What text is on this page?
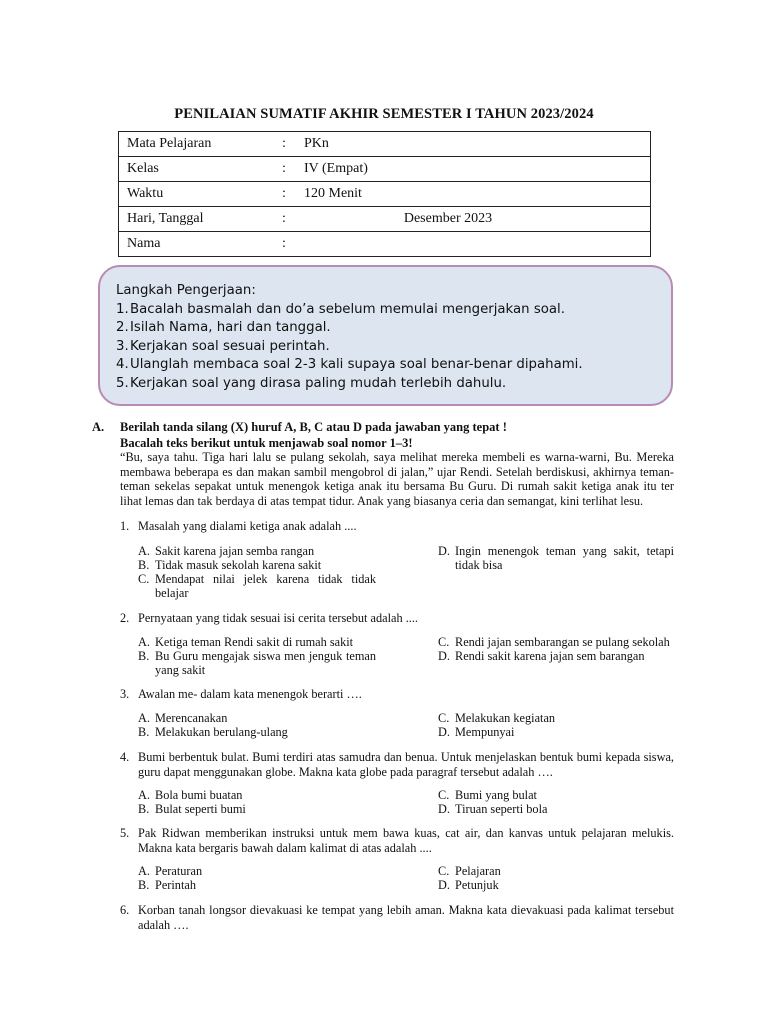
PENILAIAN SUMATIF AKHIR SEMESTER I TAHUN 2023/2024
Mata Pelajaran	:	PKn
Kelas	:	IV (Empat)
Waktu	:	120 Menit
Hari, Tanggal	:	Desember 2023
Nama	:	
Langkah Pengerjaan:
1. Bacalah basmalah dan do’a sebelum memulai mengerjakan soal.
2. Isilah Nama, hari dan tanggal.
3. Kerjakan soal sesuai perintah.
4. Ulanglah membaca soal 2-3 kali supaya soal benar-benar dipahami.
5. Kerjakan soal yang dirasa paling mudah terlebih dahulu.
A. Berilah tanda silang (X) huruf A, B, C atau D pada jawaban yang tepat !
Bacalah teks berikut untuk menjawab soal nomor 1–3!
“Bu, saya tahu. Tiga hari lalu se pulang sekolah, saya melihat mereka membeli es warna-warni, Bu. Mereka membawa beberapa es dan makan sambil mengobrol di jalan,” ujar Rendi. Setelah berdiskusi, akhirnya teman-teman sekelas sepakat untuk menengok ketiga anak itu bersama Bu Guru. Di rumah sakit ketiga anak itu ter lihat lemas dan tak berdaya di atas tempat tidur. Anak yang biasanya ceria dan semangat, kini terlihat lesu.
1. Masalah yang dialami ketiga anak adalah ....
A. Sakit karena jajan semba rangan
B. Tidak masuk sekolah karena sakit
C. Mendapat nilai jelek karena tidak tidak belajar
D. Ingin menengok teman yang sakit, tetapi tidak bisa
2. Pernyataan yang tidak sesuai isi cerita tersebut adalah ....
A. Ketiga teman Rendi sakit di rumah sakit
B. Bu Guru mengajak siswa men jenguk teman yang sakit
C. Rendi jajan sembarangan se pulang sekolah
D. Rendi sakit karena jajan sem barangan
3. Awalan me- dalam kata menengok berarti ….
A. Merencanakan
B. Melakukan berulang-ulang
C. Melakukan kegiatan
D. Mempunyai
4. Bumi berbentuk bulat. Bumi terdiri atas samudra dan benua. Untuk menjelaskan bentuk bumi kepada siswa, guru dapat menggunakan globe. Makna kata globe pada paragraf tersebut adalah ….
A. Bola bumi buatan
B. Bulat seperti bumi
C. Bumi yang bulat
D. Tiruan seperti bola
5. Pak Ridwan memberikan instruksi untuk mem bawa kuas, cat air, dan kanvas untuk pelajaran melukis. Makna kata bergaris bawah dalam kalimat di atas adalah ....
A. Peraturan
B. Perintah
C. Pelajaran
D. Petunjuk
6. Korban tanah longsor dievakuasi ke tempat yang lebih aman. Makna kata dievakuasi pada kalimat tersebut adalah ….
